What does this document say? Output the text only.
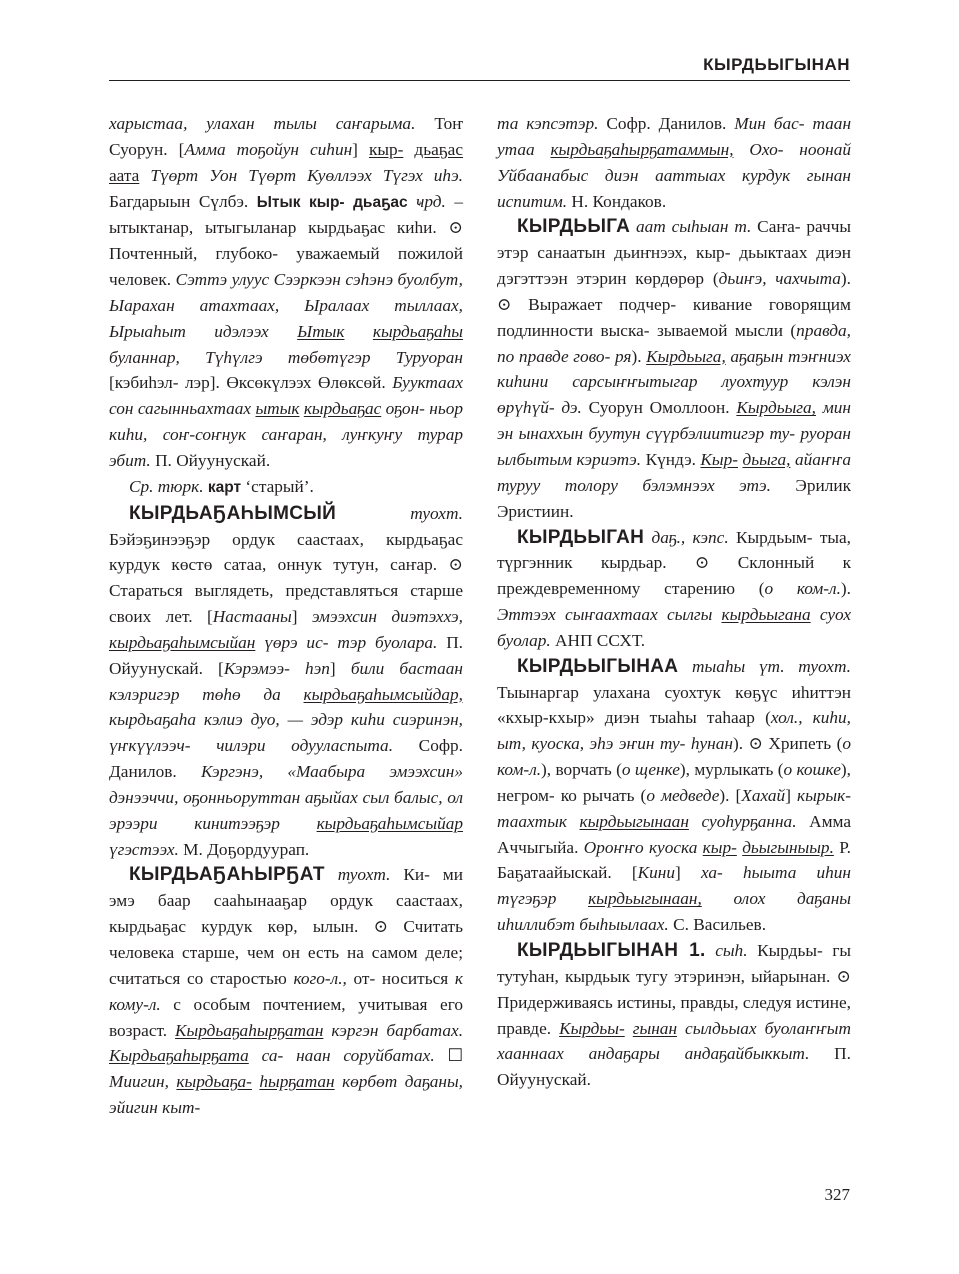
КЫРДЬЫГЫНАН

харыстаа, улахан тылы саҥарыма. Тоҥ Суорун. [Амма тоҕойун сиһин] кыр- дьаҕас аата Түөрт Уон Түөрт Куөллээх Түгэх иһэ. Багдарыын Сүлбэ. Ытык кыр- дьаҕас ҹрд. – ытыктанар, ытыгыланар кырдьаҕас киһи. ⊙ Почтенный, глубоко- уважаемый пожилой человек. Сэттэ улуус Сээркээн сэһэнэ буолбут, Ыарахан атахтаах, Ыралаах тыллаах, Ырыаһыт идэлээх Ытык кырдьаҕаһы буланнар, Түһүлгэ төбөтүгэр Туруоран [кэбиһэл- лэр]. Өксөкүлээх Өлөксөй. Бууктаах сон сагынньахтаах ытык кырдьаҕас оҕон- ньор киһи, соҥ-соҥнук саҥаран, луҥкуҥу турар эбит. П. Ойуунускай.

Ср. тюрк. карт ‘старый’.

КЫРДЬАҔАҺЫМСЫЙ	туохт. Бэйэҕинээҕэр ордук саастаах, кырдьаҕас курдук көстө сатаа, оннук тутун, саҥар. ⊙ Стараться выглядеть, представляться старше своих лет. [Настааны] эмээхсин диэтэххэ, кырдьаҕаһымсыйан үөрэ ис- тэр буолара. П. Ойуунускай. [Кэрэмээ- һэп] били бастаан кэлэригэр төһө да кырдьаҕаһымсыйдар, кырдьаҕаһа кэлиэ дуо, — эдэр киһи сиэринэн, үҥкүүлээч- чилэри одууласпыта. Софр. Данилов. Кэргэнэ, «Маабыра эмээхсин» дэнээччи, оҕонньоруттан аҕыйах сыл балыс, ол эрээри кинитээҕэр кырдьаҕаһымсыйар үгэстээх. М. Доҕордуурап.

КЫРДЬАҔАҺЫРҔАТ туохт. Ки- ми эмэ баар сааһынааҕар ордук саастаах, кырдьаҕас курдук көр, ылын. ⊙ Считать человека старше, чем он есть на самом деле; считаться со старостью кого-л., от- носиться к кому-л. с особым почтением, учитывая его возраст. Кырдьаҕаһырҕатан кэргэн барбатах. Кырдьаҕаһырҕата са- наан соруйбатах. ☐ Миигин, кырдьаҕа- һырҕатан көрбөт даҕаны, эйигин кыт-

та кэпсэтэр. Софр. Данилов. Мин бас- таан утаа кырдьаҕаһырҕатаммын, Охо- ноонай Уйбаанабыс диэн ааттыах курдук гынан испитим. Н. Кондаков.

КЫРДЬЫГА аат сыһыан т. Саҥа- раччы этэр санаатын дьиҥнээх, кыр- дьыктаах диэн дэгэттээн этэрин көрдөрөр (дьиҥэ, чахчыта). ⊙ Выражает подчер- кивание говорящим подлинности выска- зываемой мысли (правда, по правде гово- ря). Кырдьыга, аҕаҕын тэҥниэх киһини сарсыҥҥытыгар луохтуур кэлэн өрүһүй- дэ. Суорун Омоллоон. Кырдьыга, мин эн ынаххын буутун сүүрбэлиитигэр ту- руоран ылбытым кэриэтэ. Күндэ. Кыр- дьыга, айаҥҥа туруу толору бэлэмнээх этэ. Эрилик Эристиин.

КЫРДЬЫГАН даҕ., кэпс. Кырдьым- тыа, түргэнник кырдьар. ⊙ Склонный к преждевременному старению (о ком-л.). Эттээх сыҥаахтаах сылгы кырдьыгана суох буолар. АНП ССХТ.

КЫРДЬЫГЫНАА тыаһы үт. туохт. Тыынаргар улахана суохтук көҕүс иһиттэн «кхыр-кхыр» диэн тыаһы таһаар (хол., киһи, ыт, куоска, эһэ эҥин ту- һунан). ⊙ Хрипеть (о ком-л.), ворчать (о щенке), мурлыкать (о кошке), негром- ко рычать (о медведе). [Хахай] кырык- таахтык кырдьыгынаан суоһурҕанна. Амма Аччыгыйа. Ороҥҥо куоска кыр- дьыгыныыр. Р. Баҕатаайыскай. [Кини] ха- һыыта иһин түгэҕэр кырдьыгынаан, олох даҕаны иһиллибэт быһыылаах. С. Васильев.

КЫРДЬЫГЫНАН 1. сыһ. Кырдьы- гы тутуһан, кырдьык тугу этэринэн, ыйарынан. ⊙ Придерживаясь истины, правды, следуя истине, правде. Кырдьы- гынан сылдьыах буолаҥҥыт хааннаах андаҕары андаҕайбыккыт. П. Ойуунускай.

327
